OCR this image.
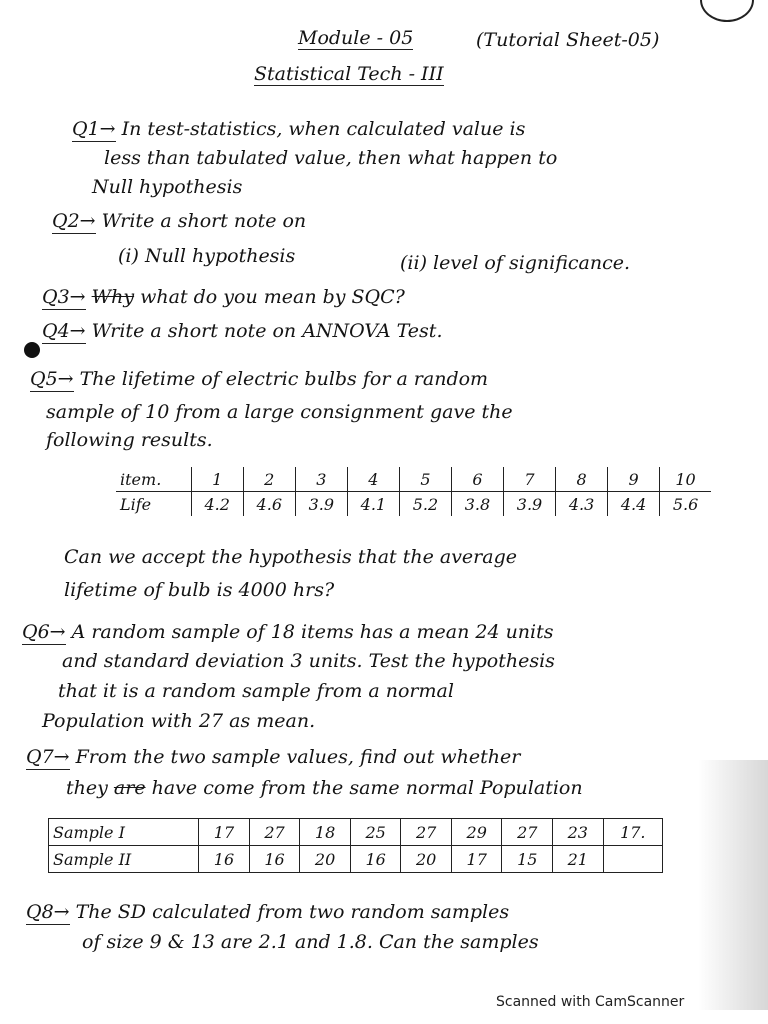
Module - 05	(Tutorial Sheet-05)
Statistical Tech - III
Q1→ In test-statistics, when calculated value is
less than tabulated value, then what happen to
Null hypothesis
Q2→ Write a short note on
(i) Null hypothesis	(ii) level of significance.
Q3→ Why what do you mean by SQC?
Q4→ Write a short note on ANNOVA Test.
Q5→ The lifetime of electric bulbs for a random
sample of 10 from a large consignment gave the
following results.
item.	1	2	3	4	5	6	7	8	9	10
Life	4.2	4.6	3.9	4.1	5.2	3.8	3.9	4.3	4.4	5.6
Can we accept the hypothesis that the average
lifetime of bulb is 4000 hrs?
Q6→ A random sample of 18 items has a mean 24 units
and standard deviation 3 units. Test the hypothesis
that it is a random sample from a normal
Population with 27 as mean.
Q7→ From the two sample values, find out whether
they are have come from the same normal Population
Sample I	17	27	18	25	27	29	27	23	17.
Sample II	16	16	20	16	20	17	15	21	
Q8→ The SD calculated from two random samples
of size 9 & 13 are 2.1 and 1.8. Can the samples
Scanned with CamScanner
